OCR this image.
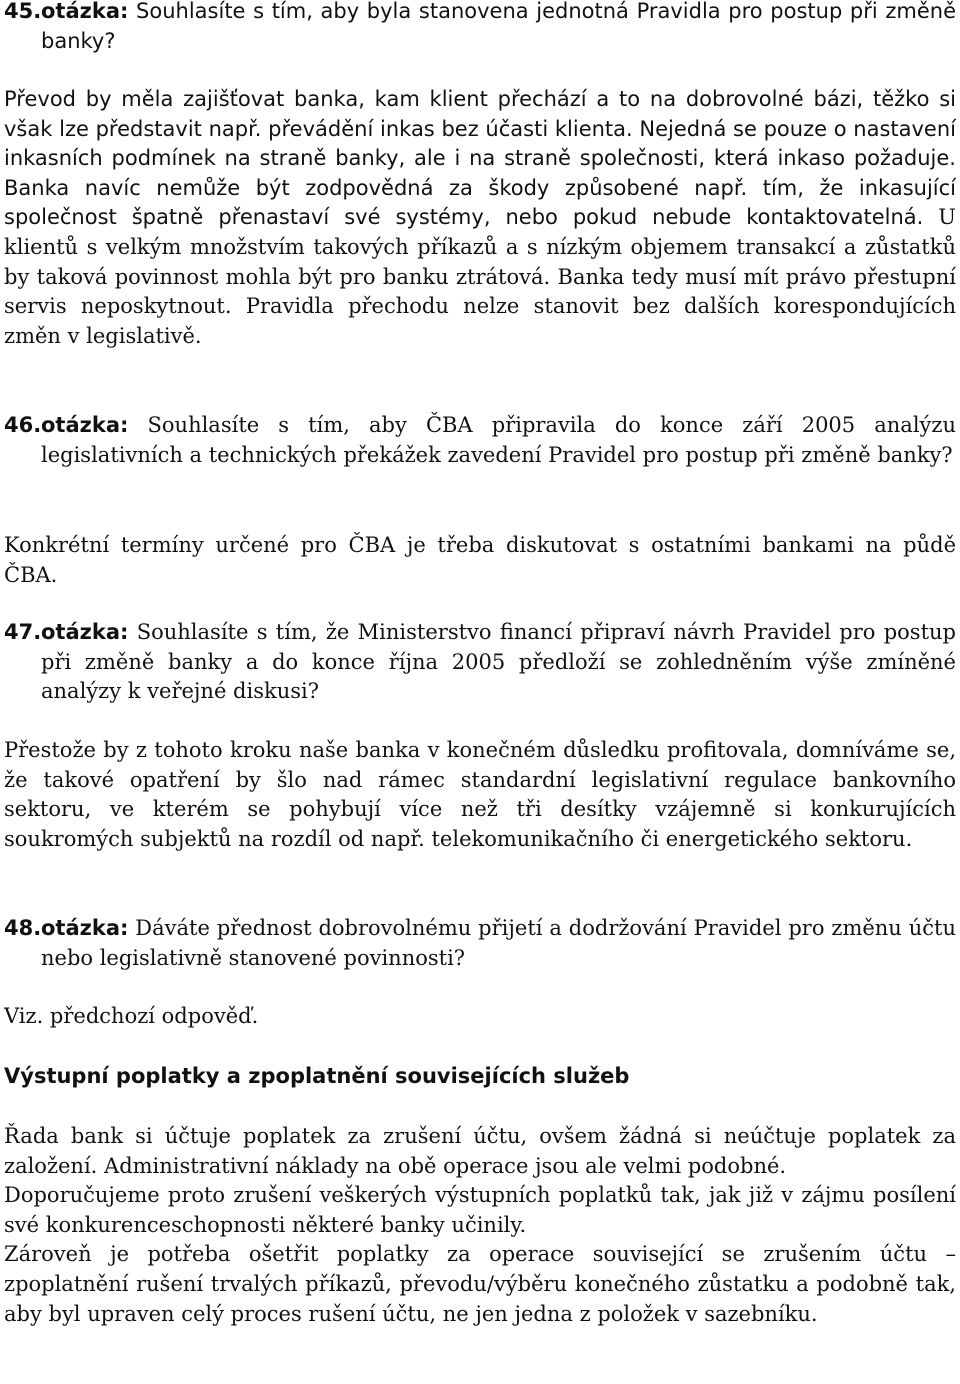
45.otázka: Souhlasíte s tím, aby byla stanovena jednotná Pravidla pro postup při změně banky?

Převod by měla zajišťovat banka, kam klient přechází a to na dobrovolné bázi, těžko si však lze představit např. převádění inkas bez účasti klienta. Nejedná se pouze o nastavení inkasních podmínek na straně banky, ale i na straně společnosti, která inkaso požaduje. Banka navíc nemůže být zodpovědná za škody způsobené např. tím, že inkasující společnost špatně přenastaví své systémy, nebo pokud nebude kontaktovatelná. U klientů s velkým množstvím takových příkazů a s nízkým objemem transakcí a zůstatků by taková povinnost mohla být pro banku ztrátová. Banka tedy musí mít právo přestupní servis neposkytnout. Pravidla přechodu nelze stanovit bez dalších korespondujících změn v legislativě.

46.otázka: Souhlasíte s tím, aby ČBA připravila do konce září 2005 analýzu legislativních a technických překážek zavedení Pravidel pro postup při změně banky?

Konkrétní termíny určené pro ČBA je třeba diskutovat s ostatními bankami na půdě ČBA.

47.otázka: Souhlasíte s tím, že Ministerstvo financí připraví návrh Pravidel pro postup při změně banky a do konce října 2005 předloží se zohledněním výše zmíněné analýzy k veřejné diskusi?

Přestože by z tohoto kroku naše banka v konečném důsledku profitovala, domníváme se, že takové opatření by šlo nad rámec standardní legislativní regulace bankovního sektoru, ve kterém se pohybují více než tři desítky vzájemně si konkurujících soukromých subjektů na rozdíl od např. telekomunikačního či energetického sektoru.

48.otázka: Dáváte přednost dobrovolnému přijetí a dodržování Pravidel pro změnu účtu nebo legislativně stanovené povinnosti?

Viz. předchozí odpověď.

Výstupní poplatky a zpoplatnění souvisejících služeb

Řada bank si účtuje poplatek za zrušení účtu, ovšem žádná si neúčtuje poplatek za založení. Administrativní náklady na obě operace jsou ale velmi podobné.

Doporučujeme proto zrušení veškerých výstupních poplatků tak, jak již v zájmu posílení své konkurenceschopnosti některé banky učinily.

Zároveň je potřeba ošetřit poplatky za operace související se zrušením účtu – zpoplatnění rušení trvalých příkazů, převodu/výběru konečného zůstatku a podobně tak, aby byl upraven celý proces rušení účtu, ne jen jedna z položek v sazebníku.
